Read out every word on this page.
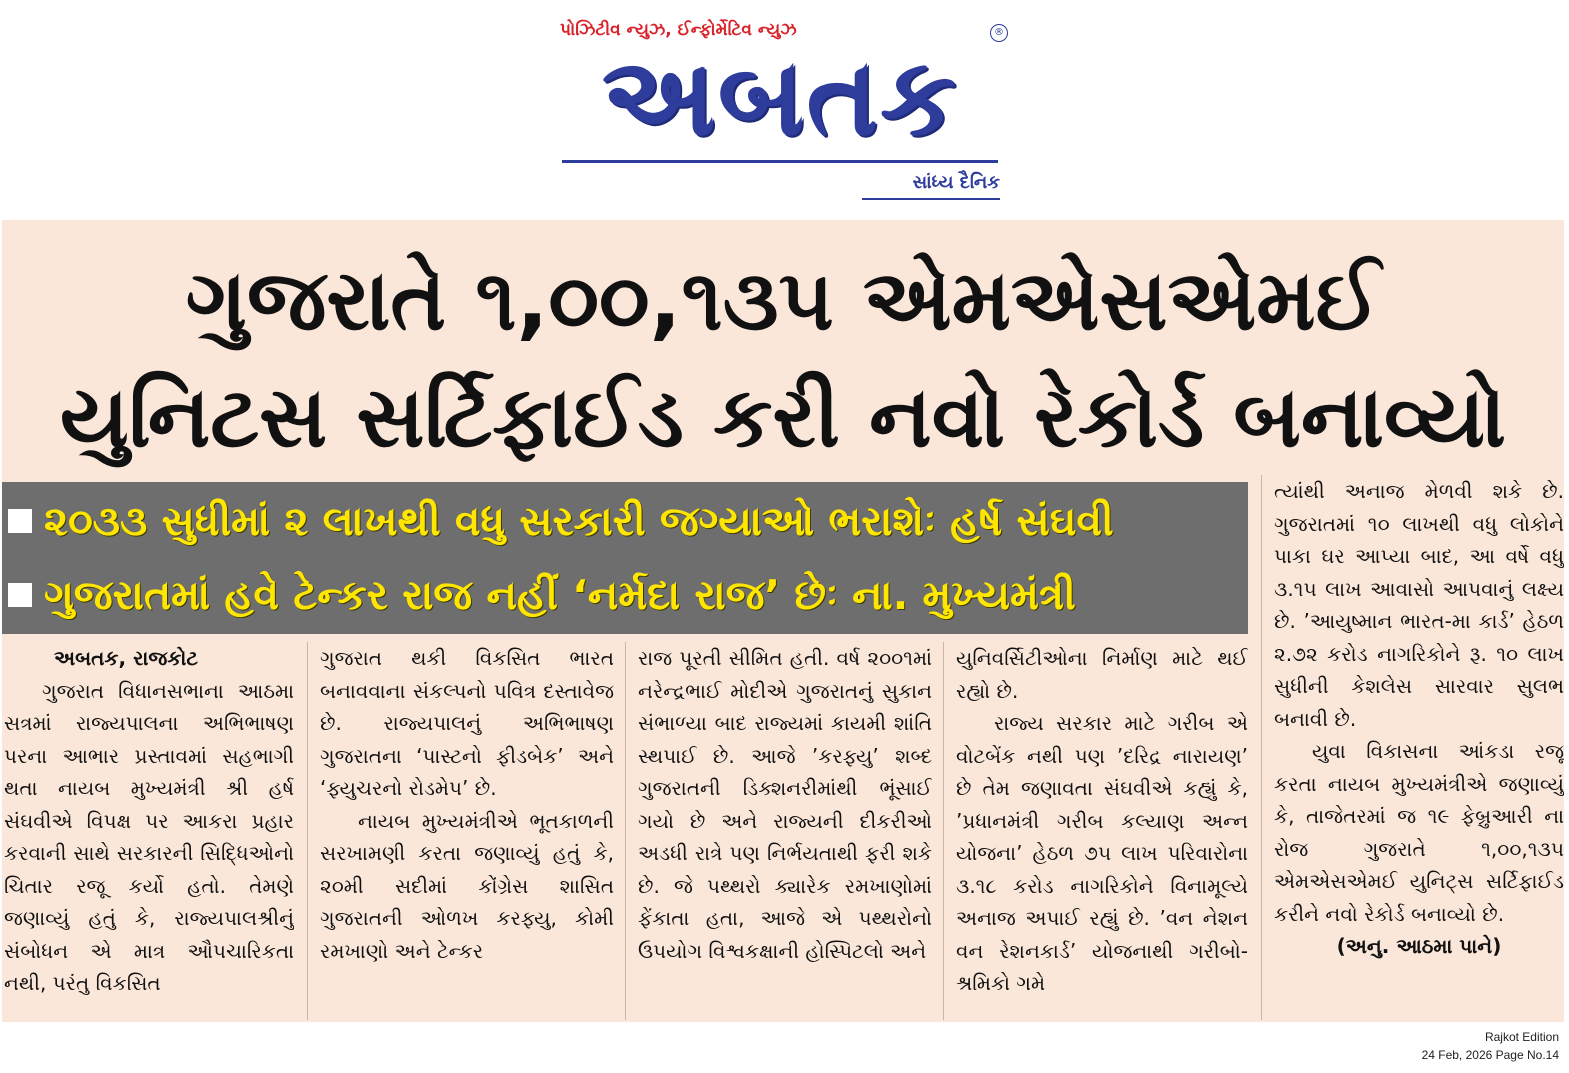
પોઝિટીવ ન્યુઝ, ઈન્ફોર્મેટિવ ન્યુઝ	®
અબતક
સાંધ્ય દૈનિક
ગુજરાતે ૧,૦૦,૧૩૫ એમએસએમઈ
યુનિટસ સર્ટિફાઈડ કરી નવો રેકોર્ડ બનાવ્યો
૨૦૩૩ સુધીમાં ૨ લાખથી વધુ સરકારી જગ્યાઓ ભરાશેઃ હર્ષ સંઘવી
ગુજરાતમાં હવે ટેન્કર રાજ નહીં ‘નર્મદા રાજ’ છેઃ ના. મુખ્યમંત્રી

અબતક, રાજકોટ

ગુજરાત વિધાનસભાના આઠમા સત્રમાં રાજ્યપાલના અભિભાષણ પરના આભાર પ્રસ્તાવમાં સહભાગી થતા નાયબ મુખ્યમંત્રી શ્રી હર્ષ સંઘવીએ વિપક્ષ પર આકરા પ્રહાર કરવાની સાથે સરકારની સિદ્ધિઓનો ચિતાર રજૂ કર્યો હતો. તેમણે જણાવ્યું હતું કે, રાજ્યપાલશ્રીનું સંબોધન એ માત્ર ઔપચારિકતા નથી, પરંતુ વિકસિત

ગુજરાત થકી વિકસિત ભારત બનાવવાના સંકલ્પનો પવિત્ર દસ્તાવેજ છે. રાજ્યપાલનું અભિભાષણ ગુજરાતના ‘પાસ્ટનો ફીડબેક’ અને ‘ફ્યુચરનો રોડમેપ’ છે.

નાયબ મુખ્યમંત્રીએ ભૂતકાળની સરખામણી કરતા જણાવ્યું હતું કે, ૨૦મી સદીમાં કોંગ્રેસ શાસિત ગુજરાતની ઓળખ કરફ્યુ, કોમી રમખાણો અને ટેન્કર

રાજ પૂરતી સીમિત હતી. વર્ષ ૨૦૦૧માં નરેન્દ્રભાઈ મોદીએ ગુજરાતનું સુકાન સંભાળ્યા બાદ રાજ્યમાં કાયમી શાંતિ સ્થપાઈ છે. આજે ’કરફ્યુ’ શબ્દ ગુજરાતની ડિક્શનરીમાંથી ભૂંસાઈ ગયો છે અને રાજ્યની દીકરીઓ અડધી રાત્રે પણ નિર્ભયતાથી ફરી શકે છે. જે પથ્થરો ક્યારેક રમખાણોમાં ફેંકાતા હતા, આજે એ પથ્થરોનો ઉપયોગ વિશ્વકક્ષાની હોસ્પિટલો અને

યુનિવર્સિટીઓના નિર્માણ માટે થઈ રહ્યો છે.

રાજ્ય સરકાર માટે ગરીબ એ વોટબેંક નથી પણ ’દરિદ્ર નારાયણ’ છે તેમ જણાવતા સંઘવીએ કહ્યું કે, ’પ્રધાનમંત્રી ગરીબ કલ્યાણ અન્ન યોજના’ હેઠળ ૭૫ લાખ પરિવારોના ૩.૧૮ કરોડ નાગરિકોને વિનામૂલ્યે અનાજ અપાઈ રહ્યું છે. ’વન નેશન વન રેશનકાર્ડ’ યોજનાથી ગરીબો-શ્રમિકો ગમે

ત્યાંથી અનાજ મેળવી શકે છે. ગુજરાતમાં ૧૦ લાખથી વધુ લોકોને પાકા ઘર આપ્યા બાદ, આ વર્ષે વધુ ૩.૧૫ લાખ આવાસો આપવાનું લક્ષ્ય છે. ’આયુષ્માન ભારત-મા કાર્ડ’ હેઠળ ૨.૭૨ કરોડ નાગરિકોને રૂ. ૧૦ લાખ સુધીની કેશલેસ સારવાર સુલભ બનાવી છે.

યુવા વિકાસના આંકડા રજૂ કરતા નાયબ મુખ્યમંત્રીએ જણાવ્યું કે, તાજેતરમાં જ ૧૯ ફેબ્રુઆરી ના રોજ ગુજરાતે ૧,૦૦,૧૩૫ એમએસએમઈ યુનિટ્સ સર્ટિફાઈડ કરીને નવો રેકોર્ડ બનાવ્યો છે.

(અનુ. આઠમા પાને)

Rajkot Edition
24 Feb, 2026 Page No.14
